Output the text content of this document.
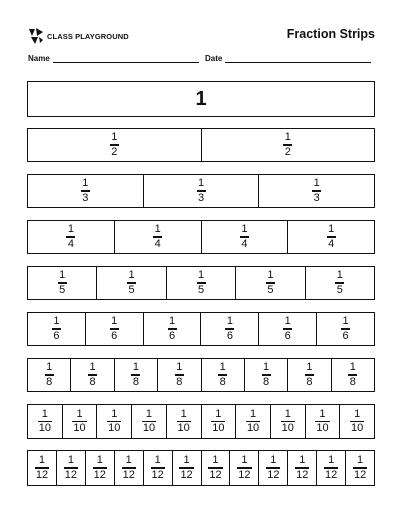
CLASS PLAYGROUND	Fraction Strips
Name	Date
1
$\frac{1}{2}$	$\frac{1}{2}$
$\frac{1}{3}$	$\frac{1}{3}$	$\frac{1}{3}$
$\frac{1}{4}$	$\frac{1}{4}$	$\frac{1}{4}$	$\frac{1}{4}$
$\frac{1}{5}$	$\frac{1}{5}$	$\frac{1}{5}$	$\frac{1}{5}$	$\frac{1}{5}$
$\frac{1}{6}$	$\frac{1}{6}$	$\frac{1}{6}$	$\frac{1}{6}$	$\frac{1}{6}$	$\frac{1}{6}$
$\frac{1}{8}$	$\frac{1}{8}$	$\frac{1}{8}$	$\frac{1}{8}$	$\frac{1}{8}$	$\frac{1}{8}$	$\frac{1}{8}$	$\frac{1}{8}$
$\frac{1}{10} \frac{1}{10} \frac{1}{10} \frac{1}{10} \frac{1}{10} \frac{1}{10} \frac{1}{10} \frac{1}{10} \frac{1}{10} \frac{1}{10}$
$\frac{1}{12} \frac{1}{12} \frac{1}{12} \frac{1}{12} \frac{1}{12} \frac{1}{12} \frac{1}{12} \frac{1}{12} \frac{1}{12} \frac{1}{12} \frac{1}{12} \frac{1}{12}$
